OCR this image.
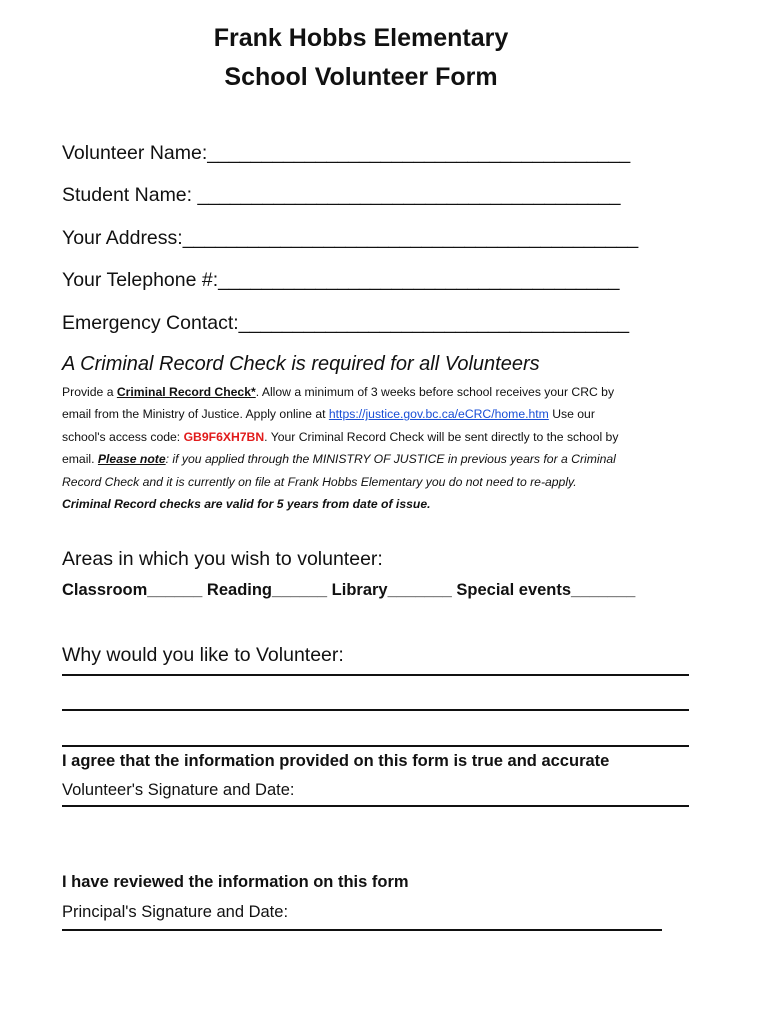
Frank Hobbs Elementary
School Volunteer Form
Volunteer Name:_______________________________________
Student Name: _______________________________________
Your Address:__________________________________________
Your Telephone #:_____________________________________
Emergency Contact:____________________________________
A Criminal Record Check is required for all Volunteers
Provide a Criminal Record Check*. Allow a minimum of 3 weeks before school receives your CRC by
email from the Ministry of Justice. Apply online at https://justice.gov.bc.ca/eCRC/home.htm Use our
school's access code: GB9F6XH7BN. Your Criminal Record Check will be sent directly to the school by
email. Please note: if you applied through the MINISTRY OF JUSTICE in previous years for a Criminal
Record Check and it is currently on file at Frank Hobbs Elementary you do not need to re-apply.
Criminal Record checks are valid for 5 years from date of issue.
Areas in which you wish to volunteer:
Classroom______ Reading______ Library_______ Special events_______
Why would you like to Volunteer:
I agree that the information provided on this form is true and accurate
Volunteer's Signature and Date:
I have reviewed the information on this form
Principal's Signature and Date:
